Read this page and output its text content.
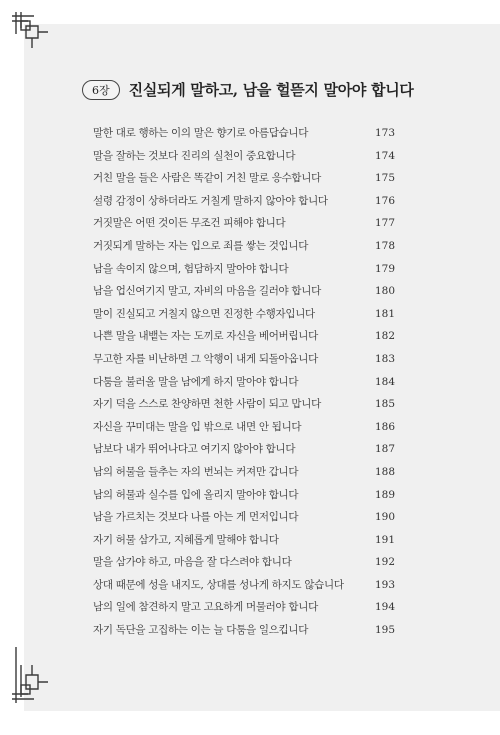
6장	진실되게 말하고, 남을 헐뜯지 말아야 합니다
말한 대로 행하는 이의 말은 향기로 아름답습니다	173
말을 잘하는 것보다 진리의 실천이 중요합니다	174
거친 말을 들은 사람은 똑같이 거친 말로 응수합니다	175
설령 감정이 상하더라도 거칠게 말하지 않아야 합니다	176
거짓말은 어떤 것이든 무조건 피해야 합니다	177
거짓되게 말하는 자는 입으로 죄를 쌓는 것입니다	178
남을 속이지 않으며, 험담하지 말아야 합니다	179
남을 업신여기지 말고, 자비의 마음을 길러야 합니다	180
말이 진실되고 거칠지 않으면 진정한 수행자입니다	181
나쁜 말을 내뱉는 자는 도끼로 자신을 베어버립니다	182
무고한 자를 비난하면 그 악행이 내게 되돌아옵니다	183
다툼을 불러올 말을 남에게 하지 말아야 합니다	184
자기 덕을 스스로 찬양하면 천한 사람이 되고 맙니다	185
자신을 꾸미대는 말을 입 밖으로 내면 안 됩니다	186
남보다 내가 뛰어나다고 여기지 않아야 합니다	187
남의 허물을 들추는 자의 번뇌는 커져만 갑니다	188
남의 허물과 실수를 입에 올리지 말아야 합니다	189
남을 가르치는 것보다 나를 아는 게 먼저입니다	190
자기 허물 삼가고, 지혜롭게 말해야 합니다	191
말을 삼가야 하고, 마음을 잘 다스려야 합니다	192
상대 때문에 성을 내지도, 상대를 성나게 하지도 않습니다	193
남의 일에 참견하지 말고 고요하게 머물러야 합니다	194
자기 독단을 고집하는 이는 늘 다툼을 일으킵니다	195
